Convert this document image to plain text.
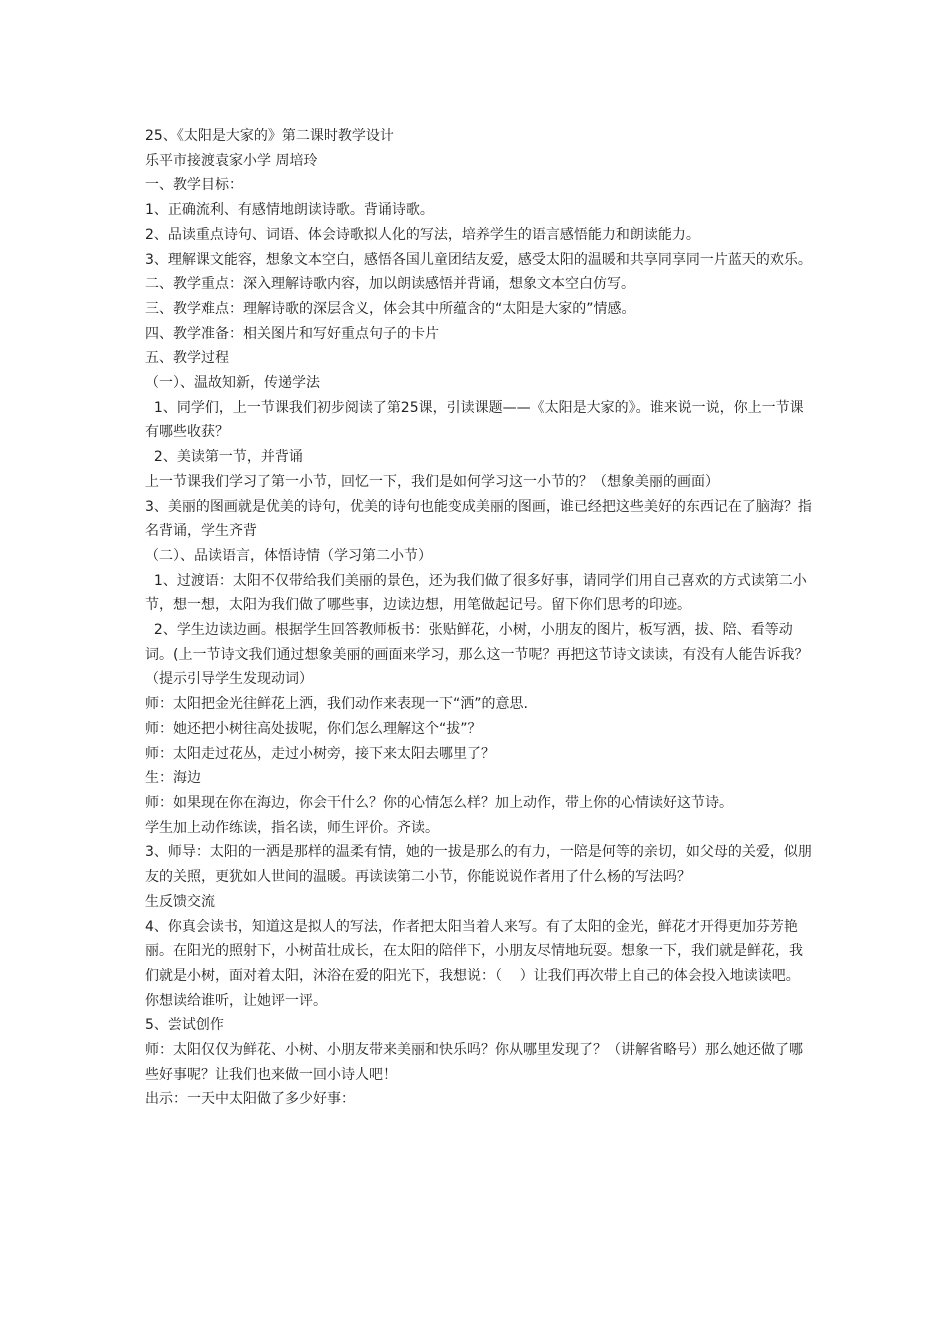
25、《太阳是大家的》第二课时教学设计

乐平市接渡袁家小学 周培玲

一、教学目标：

1、正确流利、有感情地朗读诗歌。背诵诗歌。

2、品读重点诗句、词语、体会诗歌拟人化的写法，培养学生的语言感悟能力和朗读能力。

3、理解课文能容，想象文本空白，感悟各国儿童团结友爱，感受太阳的温暖和共享同享同一片蓝天的欢乐。

二、教学重点：深入理解诗歌内容，加以朗读感悟并背诵，想象文本空白仿写。

三、教学难点：理解诗歌的深层含义，体会其中所蕴含的“太阳是大家的”情感。

四、教学准备：相关图片和写好重点句子的卡片

五、教学过程

（一）、温故知新，传递学法

1、同学们，上一节课我们初步阅读了第25课，引读课题——《太阳是大家的》。谁来说一说，你上一节课有哪些收获？

2、美读第一节，并背诵

上一节课我们学习了第一小节，回忆一下，我们是如何学习这一小节的？（想象美丽的画面）

3、美丽的图画就是优美的诗句，优美的诗句也能变成美丽的图画，谁已经把这些美好的东西记在了脑海？指名背诵，学生齐背

（二）、品读语言，体悟诗情（学习第二小节）

1、过渡语：太阳不仅带给我们美丽的景色，还为我们做了很多好事，请同学们用自己喜欢的方式读第二小节，想一想，太阳为我们做了哪些事，边读边想，用笔做起记号。留下你们思考的印迹。

2、学生边读边画。根据学生回答教师板书：张贴鲜花，小树，小朋友的图片，板写洒，拔、陪、看等动词。(上一节诗文我们通过想象美丽的画面来学习，那么这一节呢？再把这节诗文读读，有没有人能告诉我？（提示引导学生发现动词）

师：太阳把金光往鲜花上洒，我们动作来表现一下“洒”的意思.

师：她还把小树往高处拔呢，你们怎么理解这个“拔”？

师：太阳走过花丛，走过小树旁，接下来太阳去哪里了？

生：海边

师：如果现在你在海边，你会干什么？你的心情怎么样？加上动作，带上你的心情读好这节诗。

学生加上动作练读，指名读，师生评价。齐读。

3、师导：太阳的一洒是那样的温柔有情，她的一拔是那么的有力，一陪是何等的亲切，如父母的关爱，似朋友的关照，更犹如人世间的温暖。再读读第二小节，你能说说作者用了什么杨的写法吗？

生反馈交流

4、你真会读书，知道这是拟人的写法，作者把太阳当着人来写。有了太阳的金光，鲜花才开得更加芬芳艳丽。在阳光的照射下，小树苗壮成长，在太阳的陪伴下，小朋友尽情地玩耍。想象一下，我们就是鲜花，我们就是小树，面对着太阳，沐浴在爱的阳光下，我想说：（    ）让我们再次带上自己的体会投入地读读吧。你想读给谁听，让她评一评。

5、尝试创作

师：太阳仅仅为鲜花、小树、小朋友带来美丽和快乐吗？你从哪里发现了？（讲解省略号）那么她还做了哪些好事呢？让我们也来做一回小诗人吧！

出示：一天中太阳做了多少好事：
